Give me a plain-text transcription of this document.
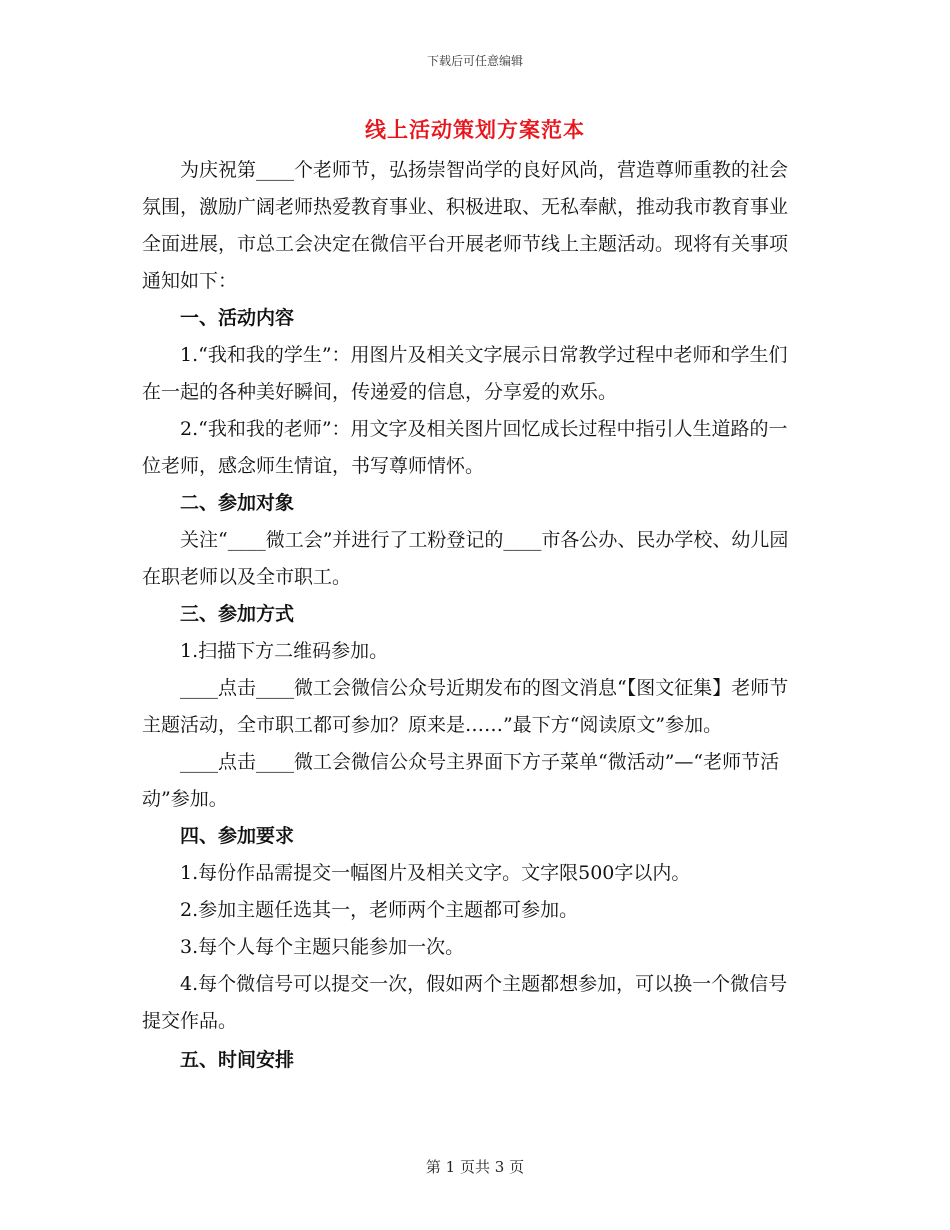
下载后可任意编辑
线上活动策划方案范本

为庆祝第____个老师节，弘扬崇智尚学的良好风尚，营造尊师重教的社会氛围，激励广阔老师热爱教育事业、积极进取、无私奉献，推动我市教育事业全面进展，市总工会决定在微信平台开展老师节线上主题活动。现将有关事项通知如下：

一、活动内容

1.“我和我的学生”：用图片及相关文字展示日常教学过程中老师和学生们在一起的各种美好瞬间，传递爱的信息，分享爱的欢乐。

2.“我和我的老师”：用文字及相关图片回忆成长过程中指引人生道路的一位老师，感念师生情谊，书写尊师情怀。

二、参加对象

关注“____微工会”并进行了工粉登记的____市各公办、民办学校、幼儿园在职老师以及全市职工。

三、参加方式

1.扫描下方二维码参加。

____点击____微工会微信公众号近期发布的图文消息“【图文征集】老师节主题活动，全市职工都可参加？原来是……”最下方“阅读原文”参加。

____点击____微工会微信公众号主界面下方子菜单“微活动”—“老师节活动”参加。

四、参加要求

1.每份作品需提交一幅图片及相关文字。文字限500字以内。

2.参加主题任选其一，老师两个主题都可参加。

3.每个人每个主题只能参加一次。

4.每个微信号可以提交一次，假如两个主题都想参加，可以换一个微信号提交作品。

五、时间安排

第 1 页共 3 页
